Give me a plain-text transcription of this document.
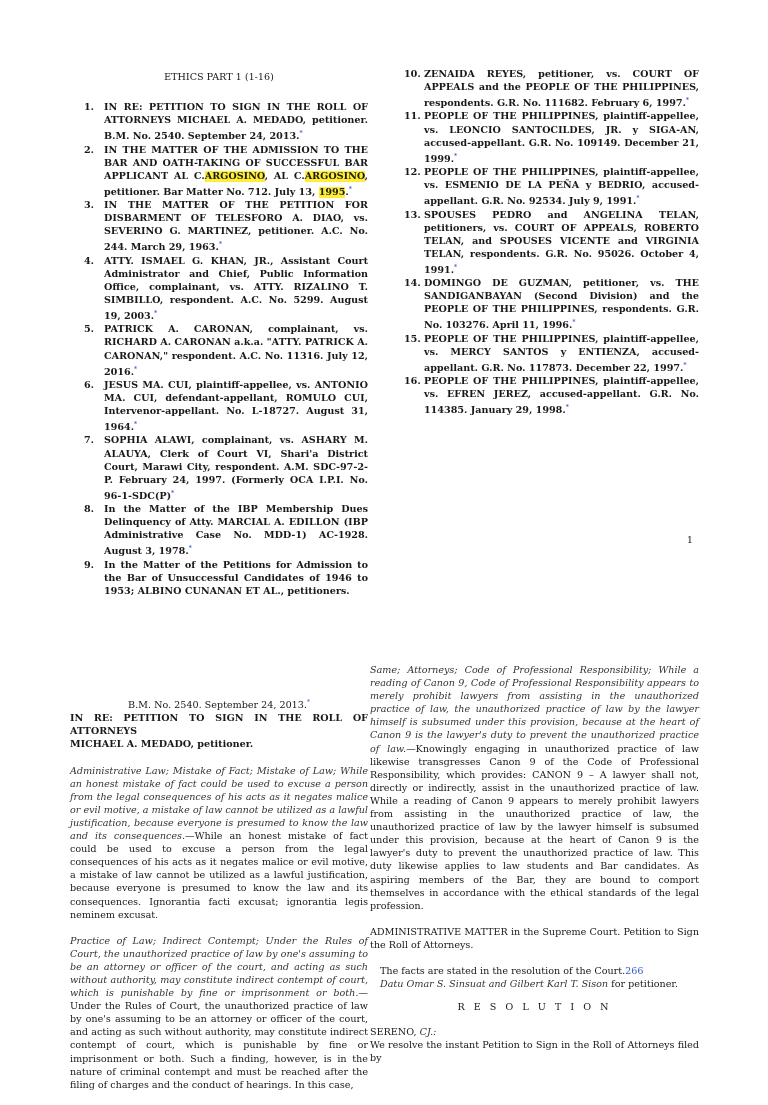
ETHICS PART 1 (1-16)
1.	IN RE: PETITION TO SIGN IN THE ROLL OF ATTORNEYS MICHAEL A. MEDADO, petitioner. B.M. No. 2540. September 24, 2013.*
2.	IN THE MATTER OF THE ADMISSION TO THE BAR AND OATH-TAKING OF SUCCESSFUL BAR APPLICANT AL C.ARGOSINO, AL C.ARGOSINO, petitioner. Bar Matter No. 712. July 13, 1995.*
3.	IN THE MATTER OF THE PETITION FOR DISBARMENT OF TELESFORO A. DIAO, vs. SEVERINO G. MARTINEZ, petitioner. A.C. No. 244. March 29, 1963.*
4.	ATTY. ISMAEL G. KHAN, JR., Assistant Court Administrator and Chief, Public Information Office, complainant, vs. ATTY. RIZALINO T. SIMBILLO, respondent. A.C. No. 5299. August 19, 2003.*
5.	PATRICK A. CARONAN, complainant, vs. RICHARD A. CARONAN a.k.a. "ATTY. PATRICK A. CARONAN," respondent. A.C. No. 11316. July 12, 2016.*
6.	JESUS MA. CUI, plaintiff-appellee, vs. ANTONIO MA. CUI, defendant-appellant, ROMULO CUI, Intervenor-appellant. No. L-18727. August 31, 1964.*
7.	SOPHIA ALAWI, complainant, vs. ASHARY M. ALAUYA, Clerk of Court VI, Shari'a District Court, Marawi City, respondent. A.M. SDC-97-2-P. February 24, 1997. (Formerly OCA I.P.I. No. 96-1-SDC(P)*
8.	In the Matter of the IBP Membership Dues Delinquency of Atty. MARCIAL A. EDILLON (IBP Administrative Case No. MDD-1) AC-1928. August 3, 1978.*
9.	In the Matter of the Petitions for Admission to the Bar of Unsuccessful Candidates of 1946 to 1953; ALBINO CUNANAN ET AL., petitioners.
10. ZENAIDA REYES, petitioner, vs. COURT OF APPEALS and the PEOPLE OF THE PHILIPPINES, respondents. G.R. No. 111682. February 6, 1997.*
11. PEOPLE OF THE PHILIPPINES, plaintiff-appellee, vs. LEONCIO SANTOCILDES, JR. y SIGA-AN, accused-appellant. G.R. No. 109149. December 21, 1999.*
12. PEOPLE OF THE PHILIPPINES, plaintiff-appellee, vs. ESMENIO DE LA PEÑA y BEDRIO, accused-appellant. G.R. No. 92534. July 9, 1991.*
13. SPOUSES PEDRO and ANGELINA TELAN, petitioners, vs. COURT OF APPEALS, ROBERTO TELAN, and SPOUSES VICENTE and VIRGINIA TELAN, respondents. G.R. No. 95026. October 4, 1991.*
14. DOMINGO DE GUZMAN, petitioner, vs. THE SANDIGANBAYAN (Second Division) and the PEOPLE OF THE PHILIPPINES, respondents. G.R. No. 103276. April 11, 1996.*
15. PEOPLE OF THE PHILIPPINES, plaintiff-appellee, vs. MERCY SANTOS y ENTIENZA, accused-appellant. G.R. No. 117873. December 22, 1997.*
16. PEOPLE OF THE PHILIPPINES, plaintiff-appellee, vs. EFREN JEREZ, accused-appellant. G.R. No. 114385. January 29, 1998.*
1
B.M. No. 2540. September 24, 2013.*
IN RE: PETITION TO SIGN IN THE ROLL OF ATTORNEYS
MICHAEL A. MEDADO, petitioner.

Administrative Law; Mistake of Fact; Mistake of Law; While an honest mistake of fact could be used to excuse a person from the legal consequences of his acts as it negates malice or evil motive, a mistake of law cannot be utilized as a lawful justification, because everyone is presumed to know the law and its consequences.—While an honest mistake of fact could be used to excuse a person from the legal consequences of his acts as it negates malice or evil motive, a mistake of law cannot be utilized as a lawful justification, because everyone is presumed to know the law and its consequences. Ignorantia facti excusat; ignorantia legis neminem excusat.

Practice of Law; Indirect Contempt; Under the Rules of Court, the unauthorized practice of law by one's assuming to be an attorney or officer of the court, and acting as such without authority, may constitute indirect contempt of court, which is punishable by fine or imprisonment or both.—Under the Rules of Court, the unauthorized practice of law by one's assuming to be an attorney or officer of the court, and acting as such without authority, may constitute indirect contempt of court, which is punishable by fine or imprisonment or both. Such a finding, however, is in the nature of criminal contempt and must be reached after the filing of charges and the conduct of hearings. In this case,

Same; Attorneys; Code of Professional Responsibility; While a reading of Canon 9, Code of Professional Responsibility appears to merely prohibit lawyers from assisting in the unauthorized practice of law, the unauthorized practice of law by the lawyer himself is subsumed under this provision, because at the heart of Canon 9 is the lawyer's duty to prevent the unauthorized practice of law.—Knowingly engaging in unauthorized practice of law likewise transgresses Canon 9 of the Code of Professional Responsibility, which provides: CANON 9 – A lawyer shall not, directly or indirectly, assist in the unauthorized practice of law. While a reading of Canon 9 appears to merely prohibit lawyers from assisting in the unauthorized practice of law, the unauthorized practice of law by the lawyer himself is subsumed under this provision, because at the heart of Canon 9 is the lawyer's duty to prevent the unauthorized practice of law. This duty likewise applies to law students and Bar candidates. As aspiring members of the Bar, they are bound to comport themselves in accordance with the ethical standards of the legal profession.

ADMINISTRATIVE MATTER in the Supreme Court. Petition to Sign the Roll of Attorneys.

The facts are stated in the resolution of the Court.266
Datu Omar S. Sinsuat and Gilbert Karl T. Sison for petitioner.
R E S O L U T I O N
SERENO, CJ.:
We resolve the instant Petition to Sign in the Roll of Attorneys filed by
